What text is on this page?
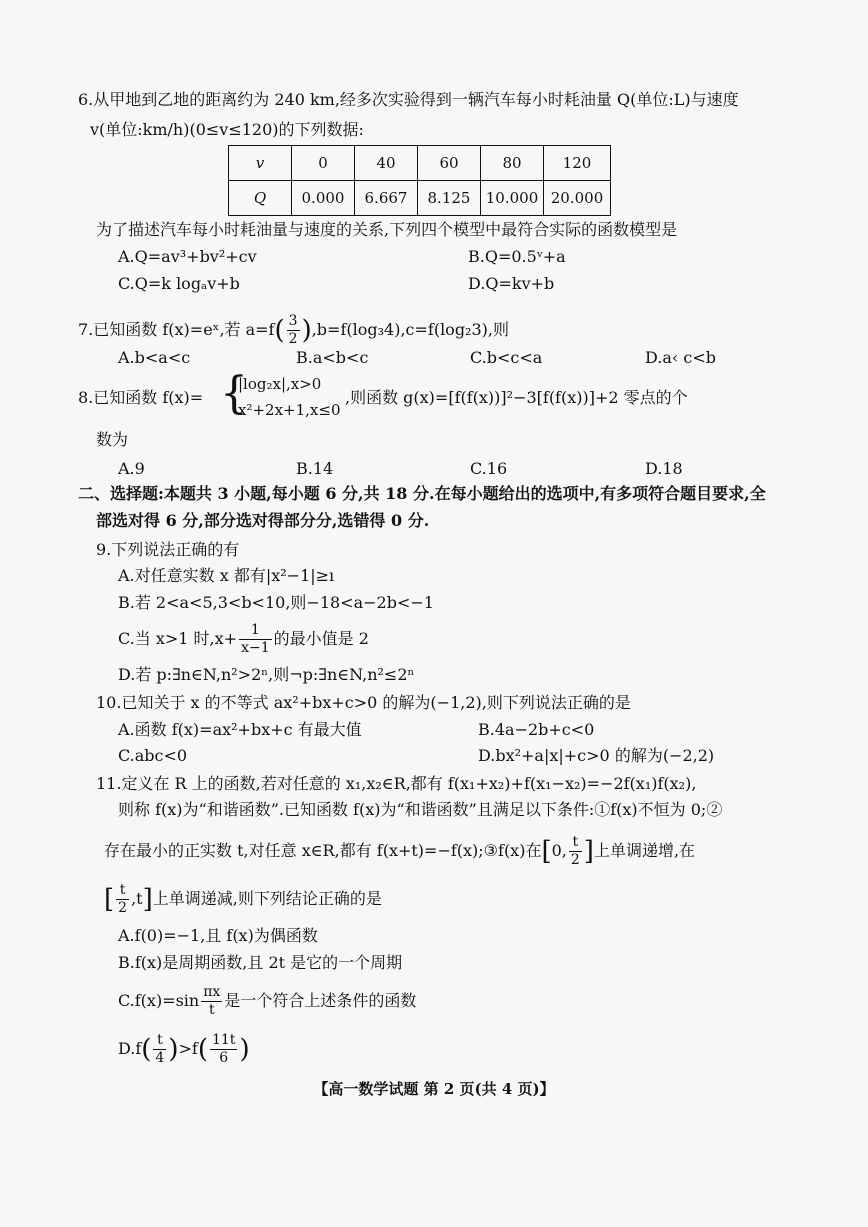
6.从甲地到乙地的距离约为 240 km,经多次实验得到一辆汽车每小时耗油量 Q(单位:L)与速度
v(单位:km/h)(0≤v≤120)的下列数据:
v	0	40	60	80	120
Q	0.000	6.667	8.125	10.000	20.000
为了描述汽车每小时耗油量与速度的关系,下列四个模型中最符合实际的函数模型是
A.Q=av³+bv²+cv	B.Q=0.5ᵛ+a
C.Q=k logₐv+b	D.Q=kv+b
7.已知函数 f(x)=eˣ,若 $a=f( \frac{3}{2} ),b=f(\log_34),c=f(\log_23)$,则
A.b<a<c	B.a<b<c	C.b<c<a	D.a‹ c<b
8.已知函数 f(x)= {
|log₂x|,x>0
x²+2x+1,x≤0
,则函数 g(x)=[f(f(x))]²−3[f(f(x))]+2 零点的个
数为
A.9	B.14	C.16	D.18
二、选择题:本题共 3 小题,每小题 6 分,共 18 分.在每小题给出的选项中,有多项符合题目要求,全
部选对得 6 分,部分选对得部分分,选错得 0 分.
9.下列说法正确的有
A.对任意实数 x 都有|x²−1|≥ı
B.若 2<a<5,3<b<10,则−18<a−2b<−1
C.当 x>1 时$,x+ \frac{1}{x-1}$ 的最小值是 2
D.若 p:∃n∈N,n²>2ⁿ,则¬p:∃n∈N,n²≤2ⁿ
10.已知关于 x 的不等式 ax²+bx+c>0 的解为(−1,2),则下列说法正确的是
A.函数 f(x)=ax²+bx+c 有最大值	B.4a−2b+c<0
C.abc<0	D.bx²+a|x|+c>0 的解为(−2,2)
11.定义在 R 上的函数,若对任意的 x₁,x₂∈R,都有 f(x₁+x₂)+f(x₁−x₂)=−2f(x₁)f(x₂),
则称 f(x)为“和谐函数”.已知函数 f(x)为“和谐函数”且满足以下条件:①f(x)不恒为 0;②
存在最小的正实数 t,对任意 x∈R,都有 f(x+t)=−f(x);③f(x)在[0, $\frac{t}{2}$ ]上单调递增,在
[ $\frac{t}{2} ,t$]上单调递减,则下列结论正确的是
A.f(0)=−1,且 f(x)为偶函数
B.f(x)是周期函数,且 2t 是它的一个周期
$C.f(x)=\sin \frac{\pi x}{t}$ 是一个符合上述条件的函数
$D.f( \frac{t}{4} )>f( \frac{11t}{6}$ )
【高一数学试题 第 2 页(共 4 页)】
